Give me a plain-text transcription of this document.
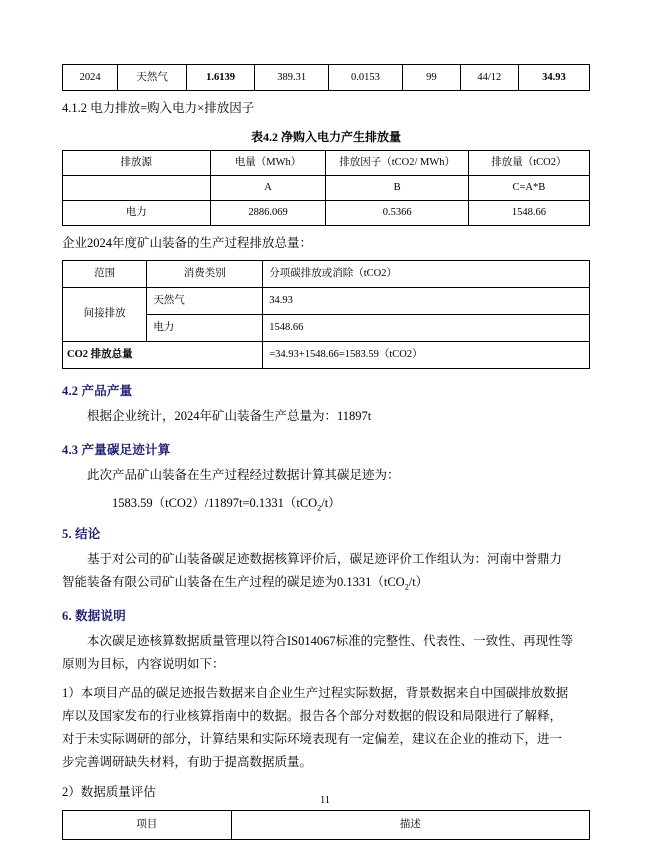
2024	天然气	1.6139	389.31	0.0153	99	44/12	34.93
4.1.2 电力排放=购入电力×排放因子
表4.2 净购入电力产生排放量
排放源	电量（MWh）	排放因子（tCO2/ MWh）	排放量（tCO2）
	A	B	C=A*B
电力	2886.069	0.5366	1548.66
企业2024年度矿山装备的生产过程排放总量：
范围	消费类别	分项碳排放或消除（tCO2）
间接排放	天然气	34.93
	电力	1548.66
CO2 排放总量		=34.93+1548.66=1583.59（tCO2）
4.2 产品产量
根据企业统计，2024年矿山装备生产总量为：11897t
4.3 产量碳足迹计算
此次产品矿山装备在生产过程经过数据计算其碳足迹为：
1583.59（tCO2）/11897t=0.1331（tCO$_2$/t）
5. 结论
基于对公司的矿山装备碳足迹数据核算评价后，碳足迹评价工作组认为：河南中誉鼎力
智能装备有限公司矿山装备在生产过程的碳足迹为0.1331（tCO$_2$/t）
6. 数据说明
本次碳足迹核算数据质量管理以符合IS014067标准的完整性、代表性、一致性、再现性等
原则为目标，内容说明如下：
1）本项目产品的碳足迹报告数据来自企业生产过程实际数据，背景数据来自中国碳排放数据
库以及国家发布的行业核算指南中的数据。报告各个部分对数据的假设和局限进行了解释，
对于未实际调研的部分，计算结果和实际环境表现有一定偏差，建议在企业的推动下，进一
步完善调研缺失材料，有助于提高数据质量。
2）数据质量评估
项目	描述
11
